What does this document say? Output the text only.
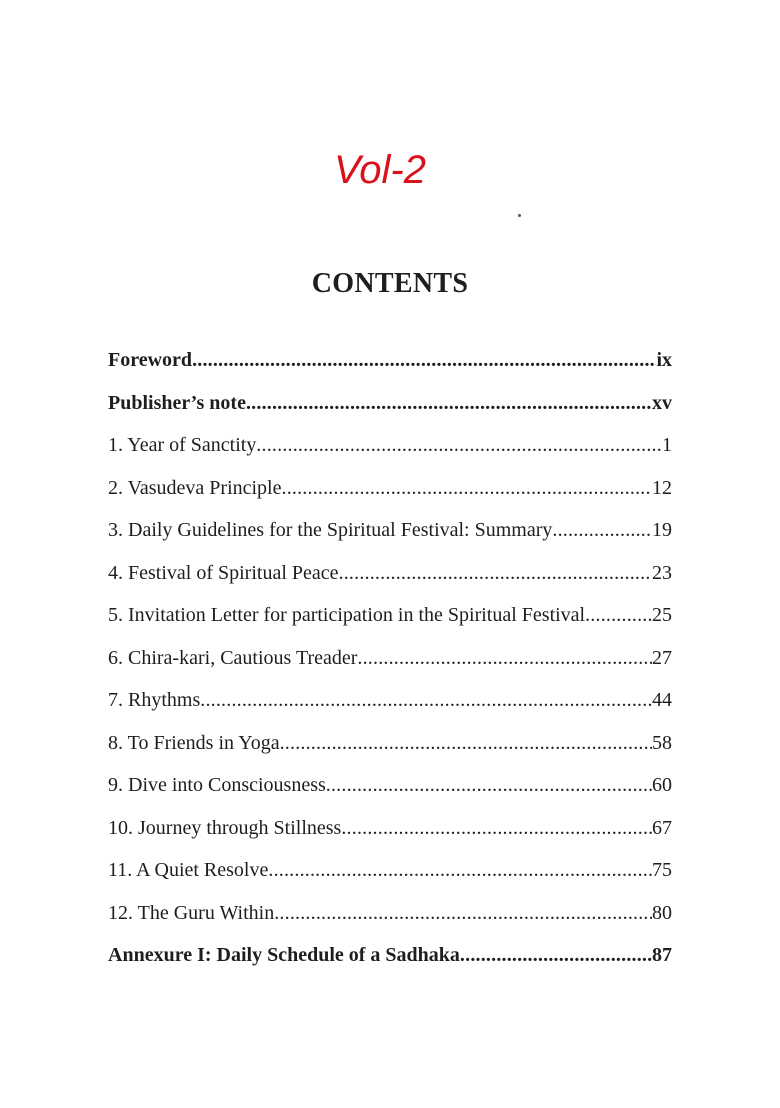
Vol-2
CONTENTS
Foreword .....	ix
Publisher’s note .....	xv
1. Year of Sanctity .....	1
2. Vasudeva Principle .....	12
3. Daily Guidelines for the Spiritual Festival: Summary .....	19
4. Festival of Spiritual Peace .....	23
5. Invitation Letter for participation in the Spiritual Festival .....	25
6. Chira-kari, Cautious Treader .....	27
7. Rhythms .....	44
8. To Friends in Yoga .....	58
9. Dive into Consciousness .....	60
10. Journey through Stillness .....	67
11. A Quiet Resolve .....	75
12. The Guru Within .....	80
Annexure I: Daily Schedule of a Sadhaka .....	87
